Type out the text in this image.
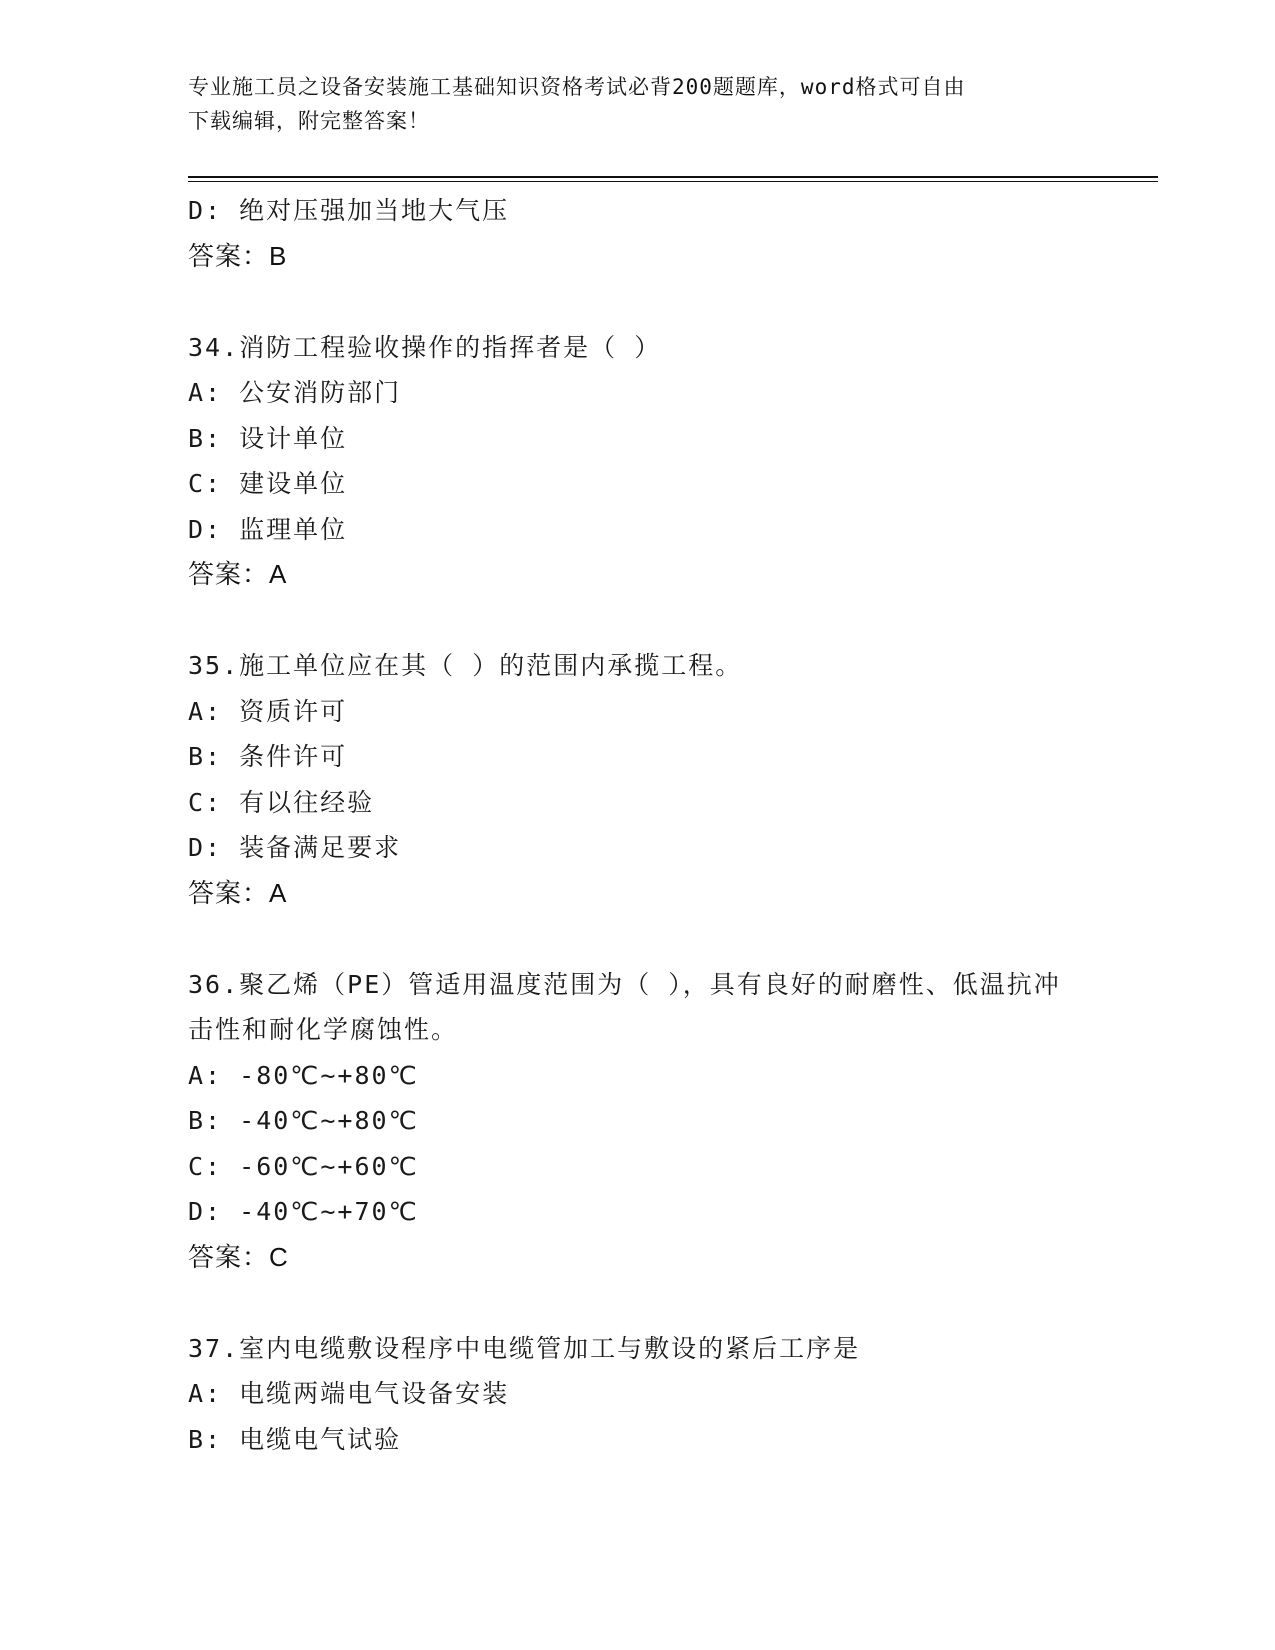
专业施工员之设备安装施工基础知识资格考试必背200题题库，word格式可自由
下载编辑，附完整答案！
D: 绝对压强加当地大气压
答案：B
34.消防工程验收操作的指挥者是（ ）
A: 公安消防部门
B: 设计单位
C: 建设单位
D: 监理单位
答案：A
35.施工单位应在其（ ）的范围内承揽工程。
A: 资质许可
B: 条件许可
C: 有以往经验
D: 装备满足要求
答案：A
36.聚乙烯（PE）管适用温度范围为（ ），具有良好的耐磨性、低温抗冲击性和耐化学腐蚀性。
A: -80℃~+80℃
B: -40℃~+80℃
C: -60℃~+60℃
D: -40℃~+70℃
答案：C
37.室内电缆敷设程序中电缆管加工与敷设的紧后工序是
A: 电缆两端电气设备安装
B: 电缆电气试验
